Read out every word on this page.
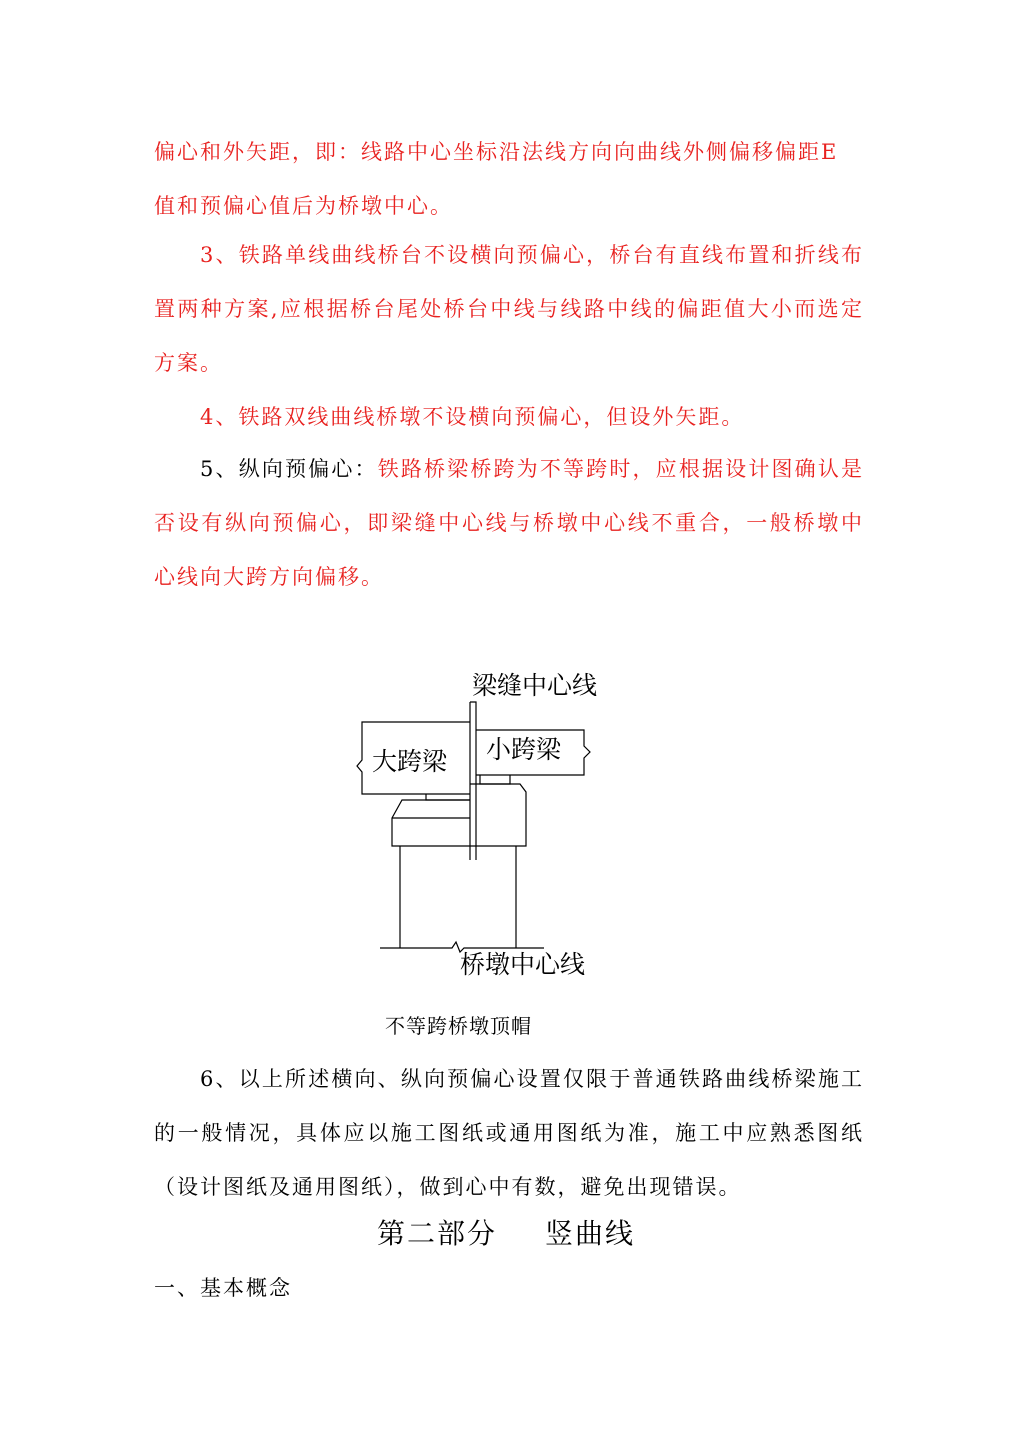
偏心和外矢距，即：线路中心坐标沿法线方向向曲线外侧偏移偏距E
值和预偏心值后为桥墩中心。

3、铁路单线曲线桥台不设横向预偏心，桥台有直线布置和折线布置两种方案,应根据桥台尾处桥台中线与线路中线的偏距值大小而选定方案。

4、铁路双线曲线桥墩不设横向预偏心，但设外矢距。

5、纵向预偏心：铁路桥梁桥跨为不等跨时，应根据设计图确认是否设有纵向预偏心，即梁缝中心线与桥墩中心线不重合，一般桥墩中心线向大跨方向偏移。

梁缝中心线
大跨梁 小跨梁
桥墩中心线
不等跨桥墩顶帽

6、以上所述横向、纵向预偏心设置仅限于普通铁路曲线桥梁施工的一般情况，具体应以施工图纸或通用图纸为准，施工中应熟悉图纸（设计图纸及通用图纸），做到心中有数，避免出现错误。

第二部分 竖曲线
一、基本概念
